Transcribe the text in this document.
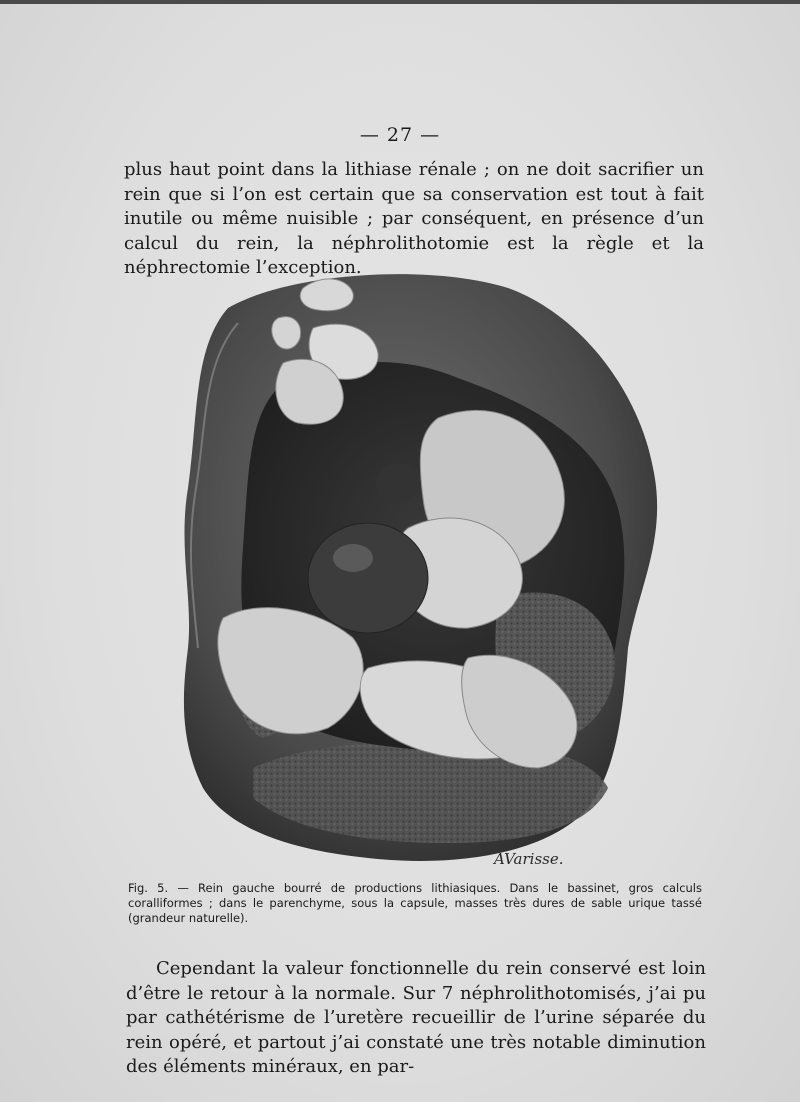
— 27 —
plus haut point dans la lithiase rénale ; on ne doit sacrifier un rein que si l’on est certain que sa conservation est tout à fait inutile ou même nuisible ; par conséquent, en présence d’un calcul du rein, la néphrolithotomie est la règle et la néphrectomie l’exception.
AVarisse.
Fig. 5. — Rein gauche bourré de productions lithiasiques. Dans le bassinet, gros calculs coralliformes ; dans le parenchyme, sous la capsule, masses très dures de sable urique tassé (grandeur naturelle).
Cependant la valeur fonctionnelle du rein conservé est loin d’être le retour à la normale. Sur 7 néphrolithotomisés, j’ai pu par cathétérisme de l’uretère recueillir de l’urine séparée du rein opéré, et partout j’ai constaté une très notable diminution des éléments minéraux, en par-
